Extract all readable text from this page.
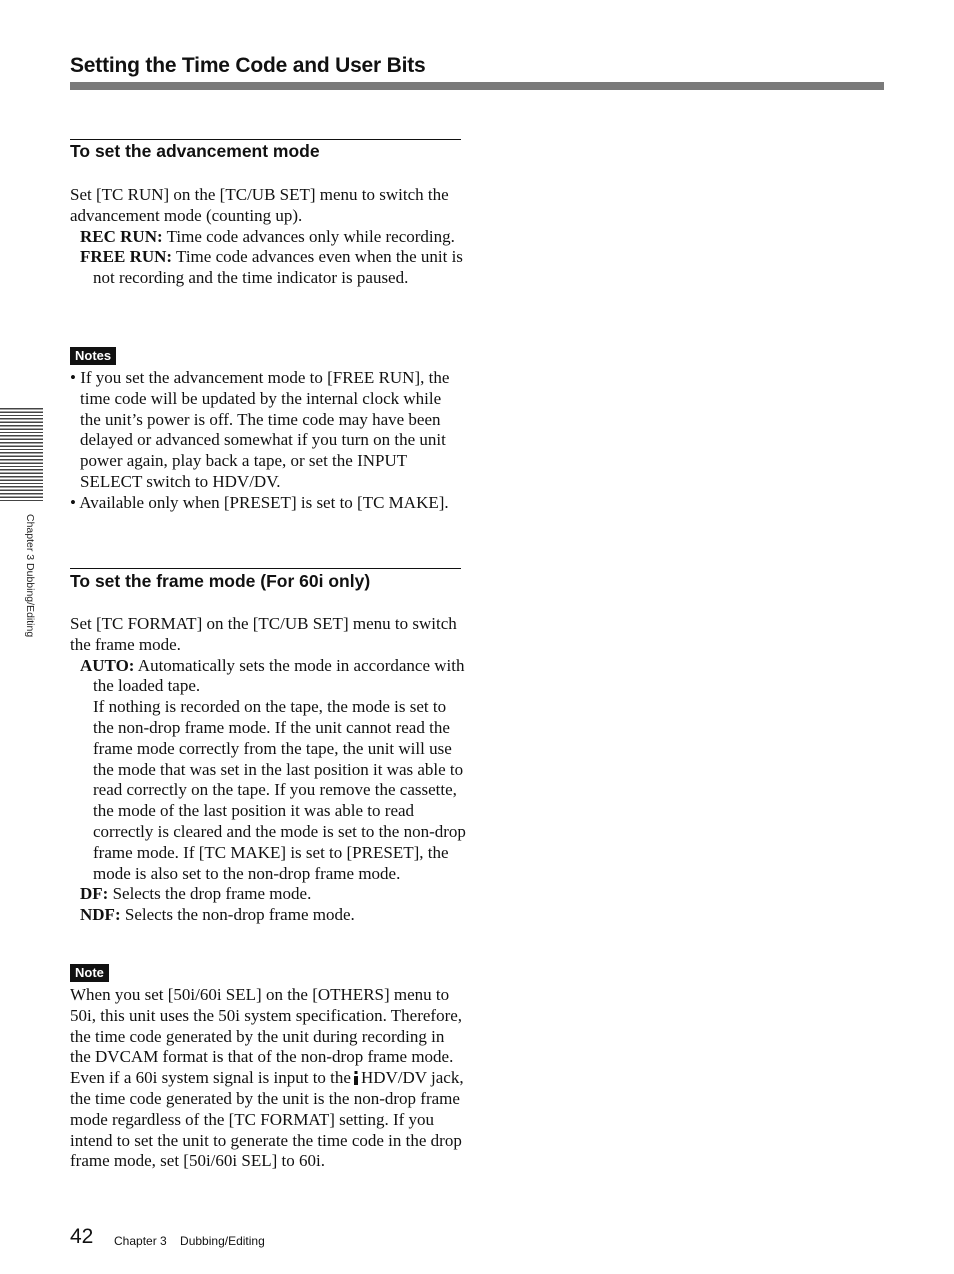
Setting the Time Code and User Bits
To set the advancement mode

Set [TC RUN] on the [TC/UB SET] menu to switch the advancement mode (counting up).

REC RUN: Time code advances only while recording.

FREE RUN: Time code advances even when the unit is not recording and the time indicator is paused.

Notes

• If you set the advancement mode to [FREE RUN], the time code will be updated by the internal clock while the unit’s power is off. The time code may have been delayed or advanced somewhat if you turn on the unit power again, play back a tape, or set the INPUT SELECT switch to HDV/DV.

• Available only when [PRESET] is set to [TC MAKE].

To set the frame mode (For 60i only)

Set [TC FORMAT] on the [TC/UB SET] menu to switch the frame mode.

AUTO: Automatically sets the mode in accordance with the loaded tape.

If nothing is recorded on the tape, the mode is set to the non-drop frame mode. If the unit cannot read the frame mode correctly from the tape, the unit will use the mode that was set in the last position it was able to read correctly on the tape. If you remove the cassette, the mode of the last position it was able to read correctly is cleared and the mode is set to the non-drop frame mode. If [TC MAKE] is set to [PRESET], the mode is also set to the non-drop frame mode.

DF: Selects the drop frame mode.

NDF: Selects the non-drop frame mode.

Note

When you set [50i/60i SEL] on the [OTHERS] menu to 50i, this unit uses the 50i system specification. Therefore, the time code generated by the unit during recording in the DVCAM format is that of the non-drop frame mode. Even if a 60i system signal is input to the HDV/DV jack, the time code generated by the unit is the non-drop frame mode regardless of the [TC FORMAT] setting. If you intend to set the unit to generate the time code in the drop frame mode, set [50i/60i SEL] to 60i.

Chapter 3 Dubbing/Editing
42 Chapter 3    Dubbing/Editing
